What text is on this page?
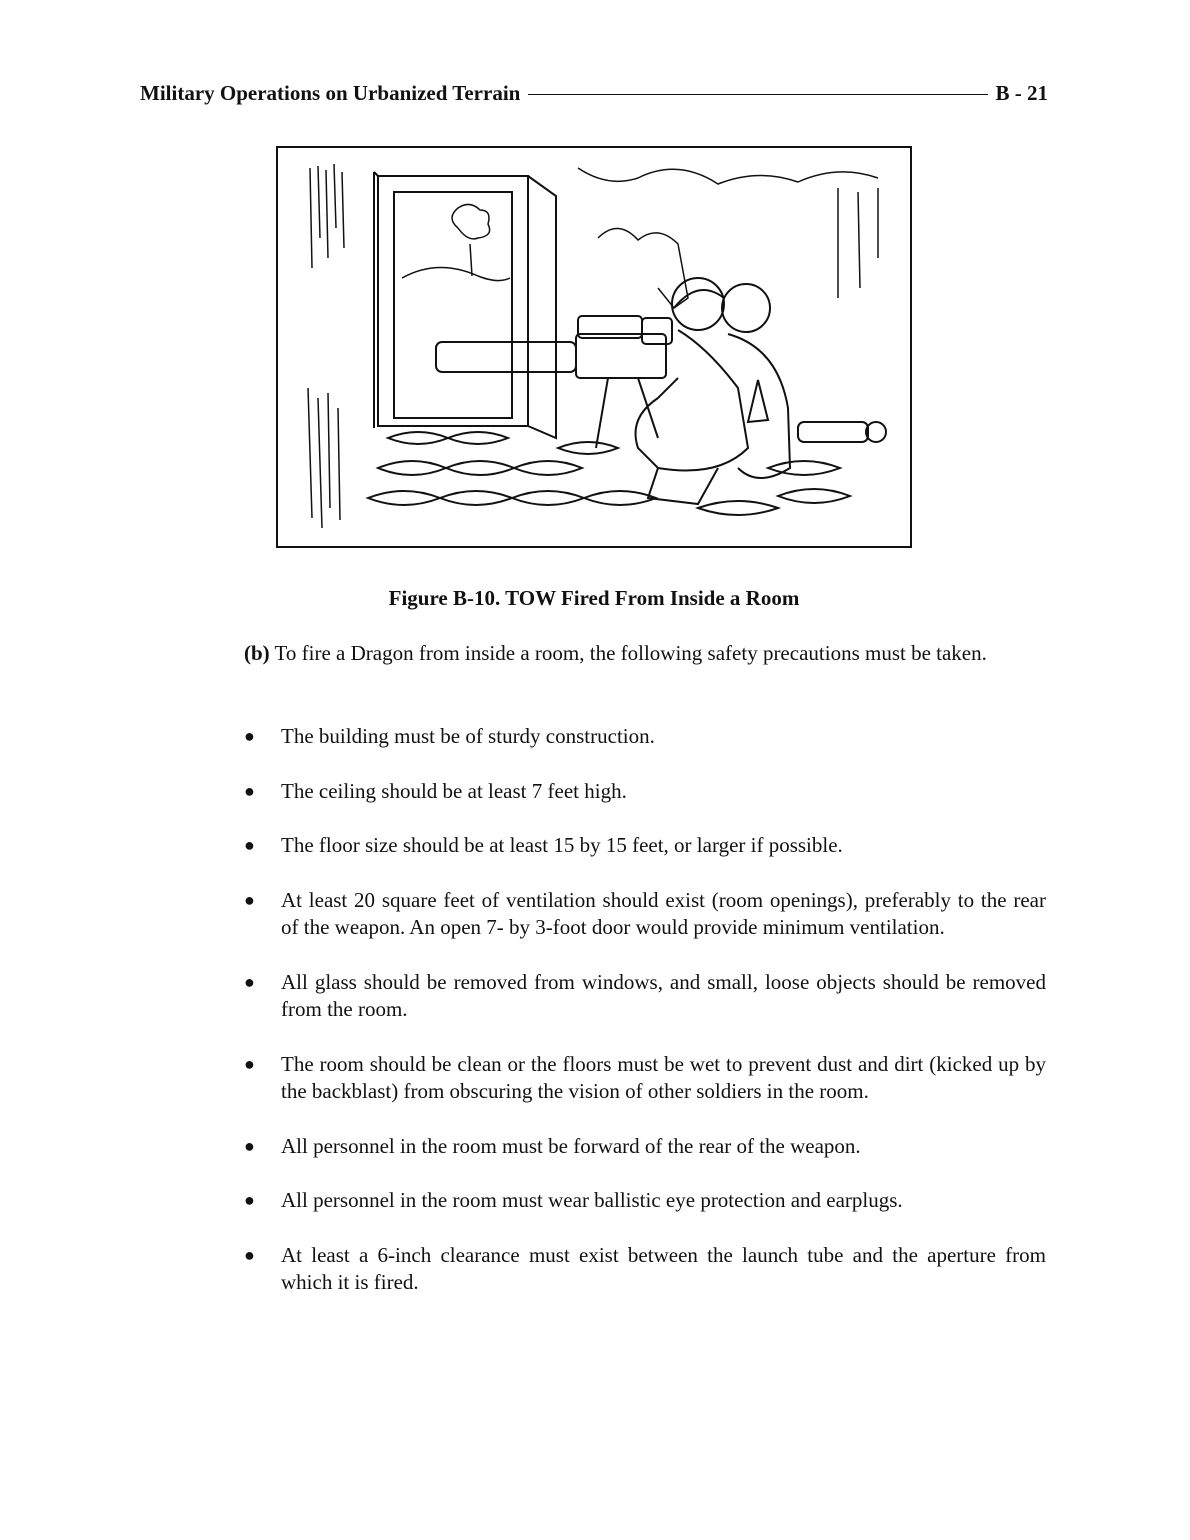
Military Operations on Urbanized Terrain	B - 21
Figure B-10. TOW Fired From Inside a Room
(b) To fire a Dragon from inside a room, the following safety precautions must be taken.
● The building must be of sturdy construction.
● The ceiling should be at least 7 feet high.
● The floor size should be at least 15 by 15 feet, or larger if possible.
● At least 20 square feet of ventilation should exist (room openings), preferably to the rear of the weapon. An open 7- by 3-foot door would provide minimum ventilation.
● All glass should be removed from windows, and small, loose objects should be removed from the room.
● The room should be clean or the floors must be wet to prevent dust and dirt (kicked up by the backblast) from obscuring the vision of other soldiers in the room.
● All personnel in the room must be forward of the rear of the weapon.
● All personnel in the room must wear ballistic eye protection and earplugs.
● At least a 6-inch clearance must exist between the launch tube and the aperture from which it is fired.
